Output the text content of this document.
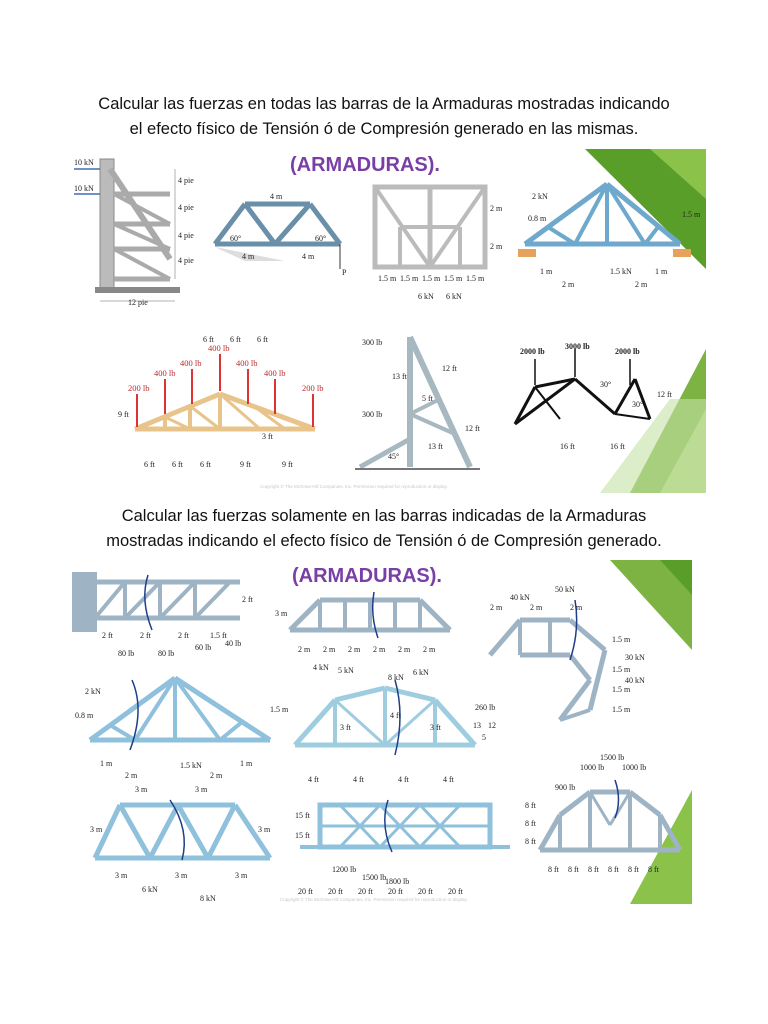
Calcular las fuerzas en todas las barras de la Armaduras mostradas indicando
el efecto físico de Tensión ó de Compresión generado en las mismas.
10 kN
10 kN
4 pie
4 pie
4 pie
4 pie
12 pie
4 m
60°	60°
4 m	4 m
P
2 m
2 m
1.5 m 1.5 m 1.5 m 1.5 m 1.5 m
6 kN 6 kN
2 kN
1.5 kN
0.8 m	1.5 m
1 m
2 m	2 m
1 m
(ARMADURAS).
6 ft 6 ft 6 ft
200 lb
400 lb
400 lb
400 lb
400 lb
400 lb
200 lb
9 ft
3 ft
6 ft 6 ft 6 ft	9 ft	9 ft
300 lb
300 lb
13 ft
12 ft
5 ft
12 ft
13 ft
45°
2000 lb
3000 lb
2000 lb
30°
30°
12 ft
16 ft	16 ft
Copyright © The McGraw-Hill Companies, Inc. Permission required for reproduction or display.
Calcular las fuerzas solamente en las barras indicadas de la Armaduras
mostradas indicando el efecto físico de Tensión ó de Compresión generado.
(ARMADURAS).
2 ft
2 ft	2 ft	2 ft	1.5 ft
80 lb	80 lb
60 lb 40 lb
3 m
2 m 2 m 2 m 2 m 2 m 2 m
4 kN 5 kN
8 kN
6 kN
40 kN
50 kN
30 kN
40 kN
2 m	2 m	2 m
1.5 m
1.5 m
1.5 m
1.5 m
2 kN
1.5 kN
0.8 m
1.5 m
1 m
2 m	2 m
1 m
260 lb
13 12
5
4 ft
3 ft	3 ft
4 ft	4 ft	4 ft	4 ft
1500 lb
1000 lb 1000 lb
900 lb
8 ft
8 ft
8 ft
8 ft 8 ft 8 ft 8 ft 8 ft 8 ft
3 m	3 m
3 m	3 m
3 m	3 m	3 m
6 kN
8 kN
15 ft
15 ft
1200 lb
1500 lb
1800 lb
20 ft 20 ft 20 ft 20 ft 20 ft 20 ft
Copyright © The McGraw-Hill Companies, Inc. Permission required for reproduction or display.
